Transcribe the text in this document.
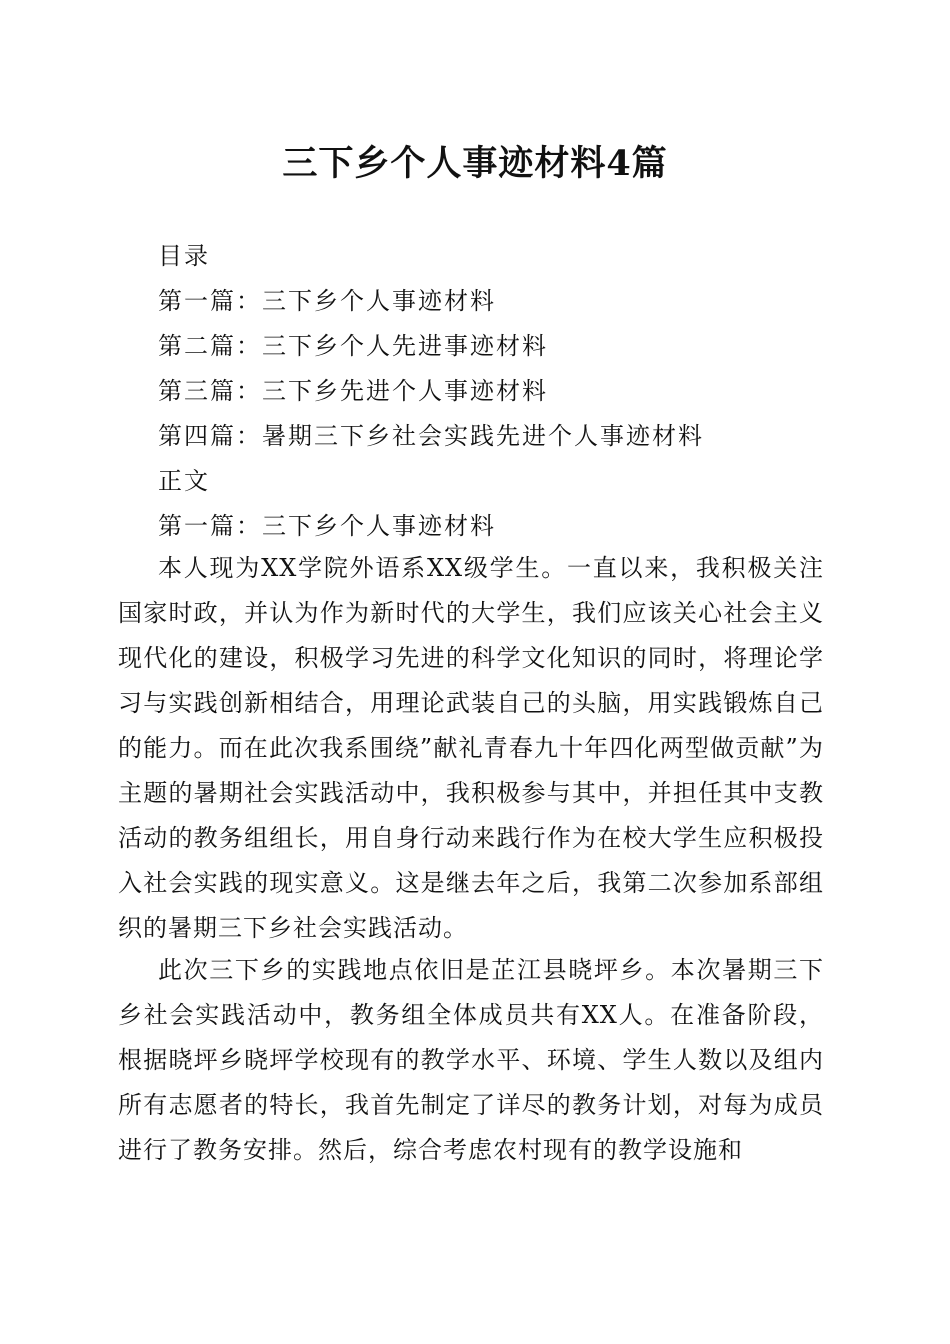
三下乡个人事迹材料4篇
目录
第一篇：三下乡个人事迹材料
第二篇：三下乡个人先进事迹材料
第三篇：三下乡先进个人事迹材料
第四篇：暑期三下乡社会实践先进个人事迹材料
正文
第一篇：三下乡个人事迹材料
本人现为XX学院外语系XX级学生。一直以来，我积极关注国家时政，并认为作为新时代的大学生，我们应该关心社会主义现代化的建设，积极学习先进的科学文化知识的同时，将理论学习与实践创新相结合，用理论武装自己的头脑，用实践锻炼自己的能力。而在此次我系围绕”献礼青春九十年四化两型做贡献”为主题的暑期社会实践活动中，我积极参与其中，并担任其中支教活动的教务组组长，用自身行动来践行作为在校大学生应积极投入社会实践的现实意义。这是继去年之后，我第二次参加系部组织的暑期三下乡社会实践活动。
此次三下乡的实践地点依旧是芷江县晓坪乡。本次暑期三下乡社会实践活动中，教务组全体成员共有XX人。在准备阶段，根据晓坪乡晓坪学校现有的教学水平、环境、学生人数以及组内所有志愿者的特长，我首先制定了详尽的教务计划，对每为成员进行了教务安排。然后，综合考虑农村现有的教学设施和
